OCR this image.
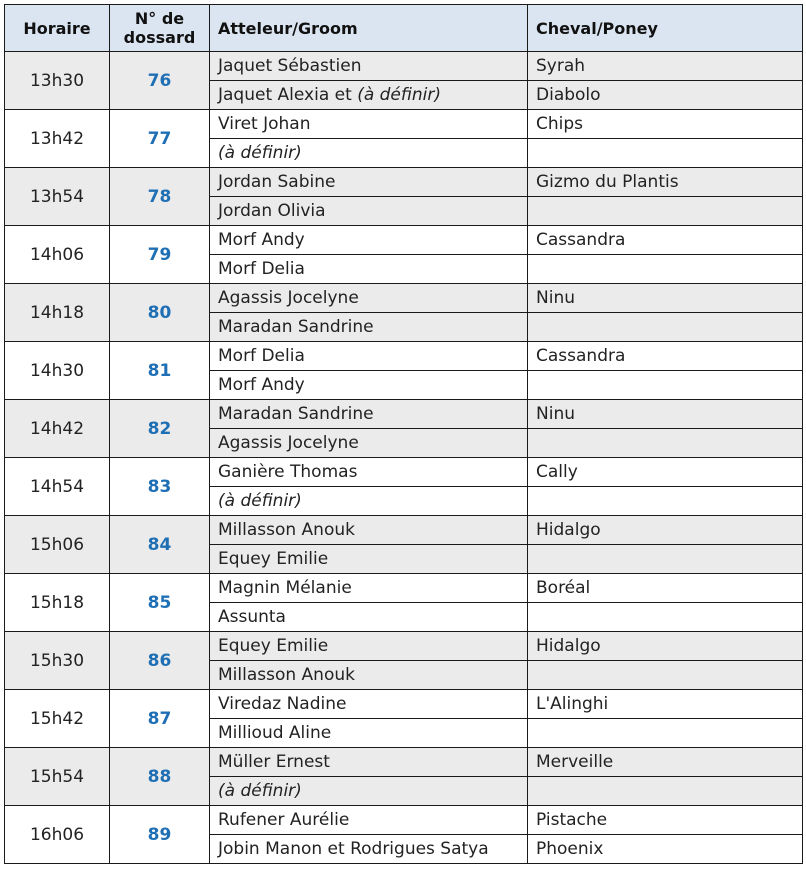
Horaire	N° de dossard	Atteleur/Groom	Cheval/Poney
13h30	76	Jaquet Sébastien	Syrah
		Jaquet Alexia et (à définir)	Diabolo
13h42	77	Viret Johan	Chips
		(à définir)	
13h54	78	Jordan Sabine	Gizmo du Plantis
		Jordan Olivia	
14h06	79	Morf Andy	Cassandra
		Morf Delia	
14h18	80	Agassis Jocelyne	Ninu
		Maradan Sandrine	
14h30	81	Morf Delia	Cassandra
		Morf Andy	
14h42	82	Maradan Sandrine	Ninu
		Agassis Jocelyne	
14h54	83	Ganière Thomas	Cally
		(à définir)	
15h06	84	Millasson Anouk	Hidalgo
		Equey Emilie	
15h18	85	Magnin Mélanie	Boréal
		Assunta	
15h30	86	Equey Emilie	Hidalgo
		Millasson Anouk	
15h42	87	Viredaz Nadine	L'Alinghi
		Millioud Aline	
15h54	88	Müller Ernest	Merveille
		(à définir)	
16h06	89	Rufener Aurélie	Pistache
		Jobin Manon et Rodrigues Satya	Phoenix
